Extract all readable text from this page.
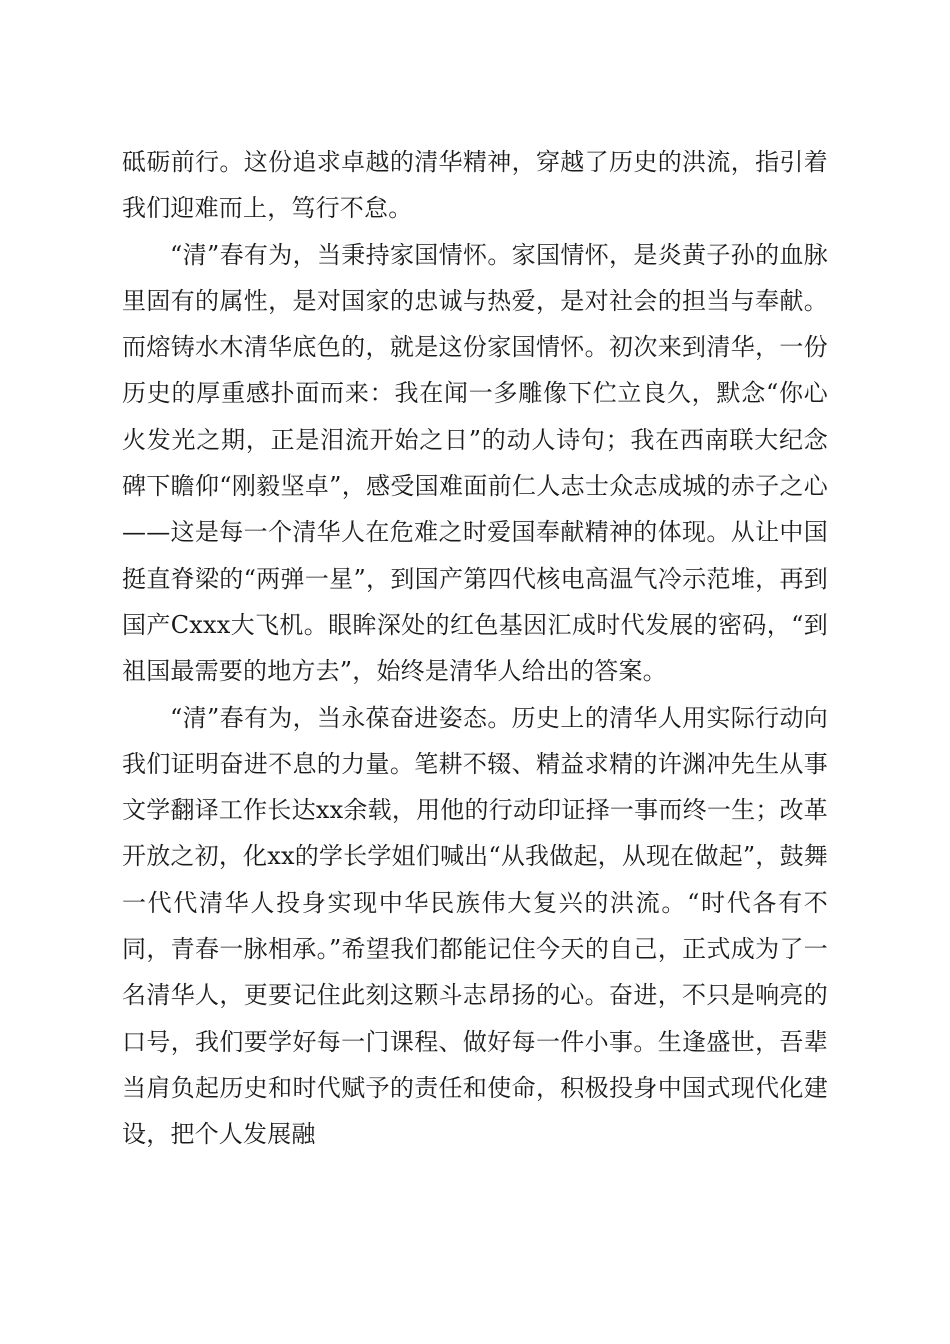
砥砺前行。这份追求卓越的清华精神，穿越了历史的洪流，指引着我们迎难而上，笃行不怠。

“清”春有为，当秉持家国情怀。家国情怀，是炎黄子孙的血脉里固有的属性，是对国家的忠诚与热爱，是对社会的担当与奉献。而熔铸水木清华底色的，就是这份家国情怀。初次来到清华，一份历史的厚重感扑面而来：我在闻一多雕像下伫立良久，默念“你心火发光之期，正是泪流开始之日”的动人诗句；我在西南联大纪念碑下瞻仰“刚毅坚卓”，感受国难面前仁人志士众志成城的赤子之心——这是每一个清华人在危难之时爱国奉献精神的体现。从让中国挺直脊梁的“两弹一星”，到国产第四代核电高温气冷示范堆，再到国产Cxxx大飞机。眼眸深处的红色基因汇成时代发展的密码，“到祖国最需要的地方去”，始终是清华人给出的答案。

“清”春有为，当永葆奋进姿态。历史上的清华人用实际行动向我们证明奋进不息的力量。笔耕不辍、精益求精的许渊冲先生从事文学翻译工作长达xx余载，用他的行动印证择一事而终一生；改革开放之初，化xx的学长学姐们喊出“从我做起，从现在做起”，鼓舞一代代清华人投身实现中华民族伟大复兴的洪流。“时代各有不同，青春一脉相承。”希望我们都能记住今天的自己，正式成为了一名清华人，更要记住此刻这颗斗志昂扬的心。奋进，不只是响亮的口号，我们要学好每一门课程、做好每一件小事。生逢盛世，吾辈当肩负起历史和时代赋予的责任和使命，积极投身中国式现代化建设，把个人发展融
